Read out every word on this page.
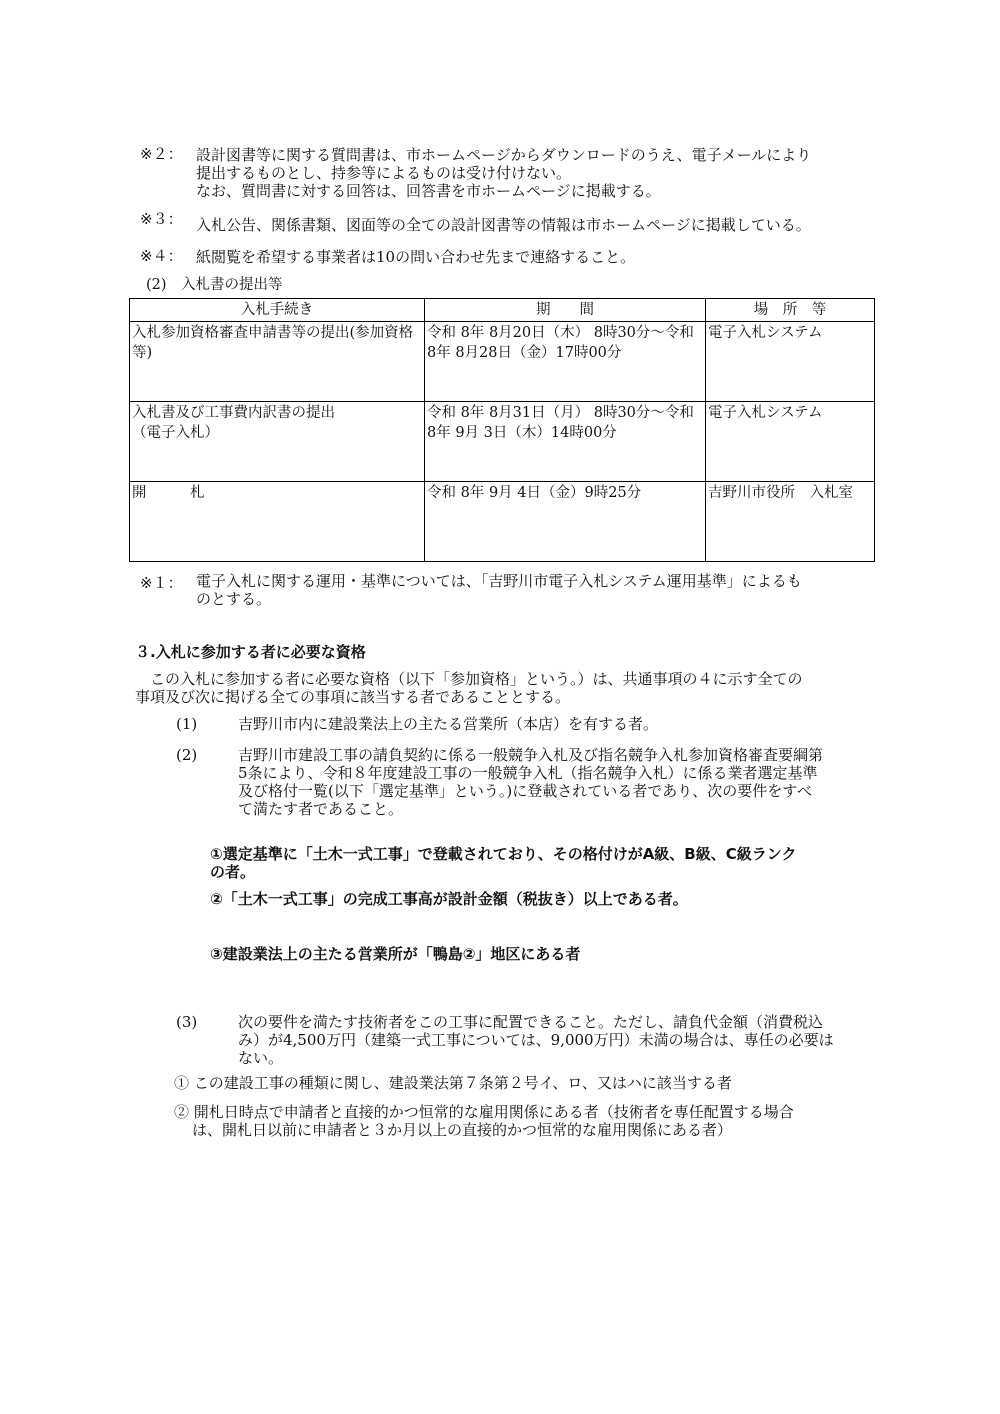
※２： 設計図書等に関する質問書は、市ホームページからダウンロードのうえ、電子メールにより
提出するものとし、持参等によるものは受け付けない。
なお、質問書に対する回答は、回答書を市ホームページに掲載する。
※３： 入札公告、関係書類、図面等の全ての設計図書等の情報は市ホームページに掲載している。
※４： 紙閲覧を希望する事業者は10の問い合わせ先まで連絡すること。
(2)　入札書の提出等
入札手続き	期　　間	場　所　等
入札参加資格審査申請書等の提出(参加資格等)	令和 8年 8月20日（木） 8時30分～令和 8年 8月28日（金）17時00分	電子入札システム
入札書及び工事費内訳書の提出
（電子入札）	令和 8年 8月31日（月） 8時30分～令和 8年 9月 3日（木）14時00分	電子入札システム
開　　　札	令和 8年 9月 4日（金）9時25分	吉野川市役所　入札室
※１： 電子入札に関する運用・基準については、「吉野川市電子入札システム運用基準」によるも
のとする。
３.入札に参加する者に必要な資格
この入札に参加する者に必要な資格（以下「参加資格」という。）は、共通事項の４に示す全ての
事項及び次に掲げる全ての事項に該当する者であることとする。
(1)	吉野川市内に建設業法上の主たる営業所（本店）を有する者。
(2)	吉野川市建設工事の請負契約に係る一般競争入札及び指名競争入札参加資格審査要綱第
5条により、令和８年度建設工事の一般競争入札（指名競争入札）に係る業者選定基準
及び格付一覧(以下「選定基準」という。)に登載されている者であり、次の要件をすべ
て満たす者であること。
①選定基準に「土木一式工事」で登載されており、その格付けがA級、B級、C級ランク
の者。
②「土木一式工事」の完成工事高が設計金額（税抜き）以上である者。
③建設業法上の主たる営業所が「鴨島②」地区にある者
(3)	次の要件を満たす技術者をこの工事に配置できること。ただし、請負代金額（消費税込
み）が4,500万円（建築一式工事については、9,000万円）未満の場合は、専任の必要は
ない。
① この建設工事の種類に関し、建設業法第７条第２号イ、ロ、又はハに該当する者
② 開札日時点で申請者と直接的かつ恒常的な雇用関係にある者（技術者を専任配置する場合
は、開札日以前に申請者と３か月以上の直接的かつ恒常的な雇用関係にある者）
